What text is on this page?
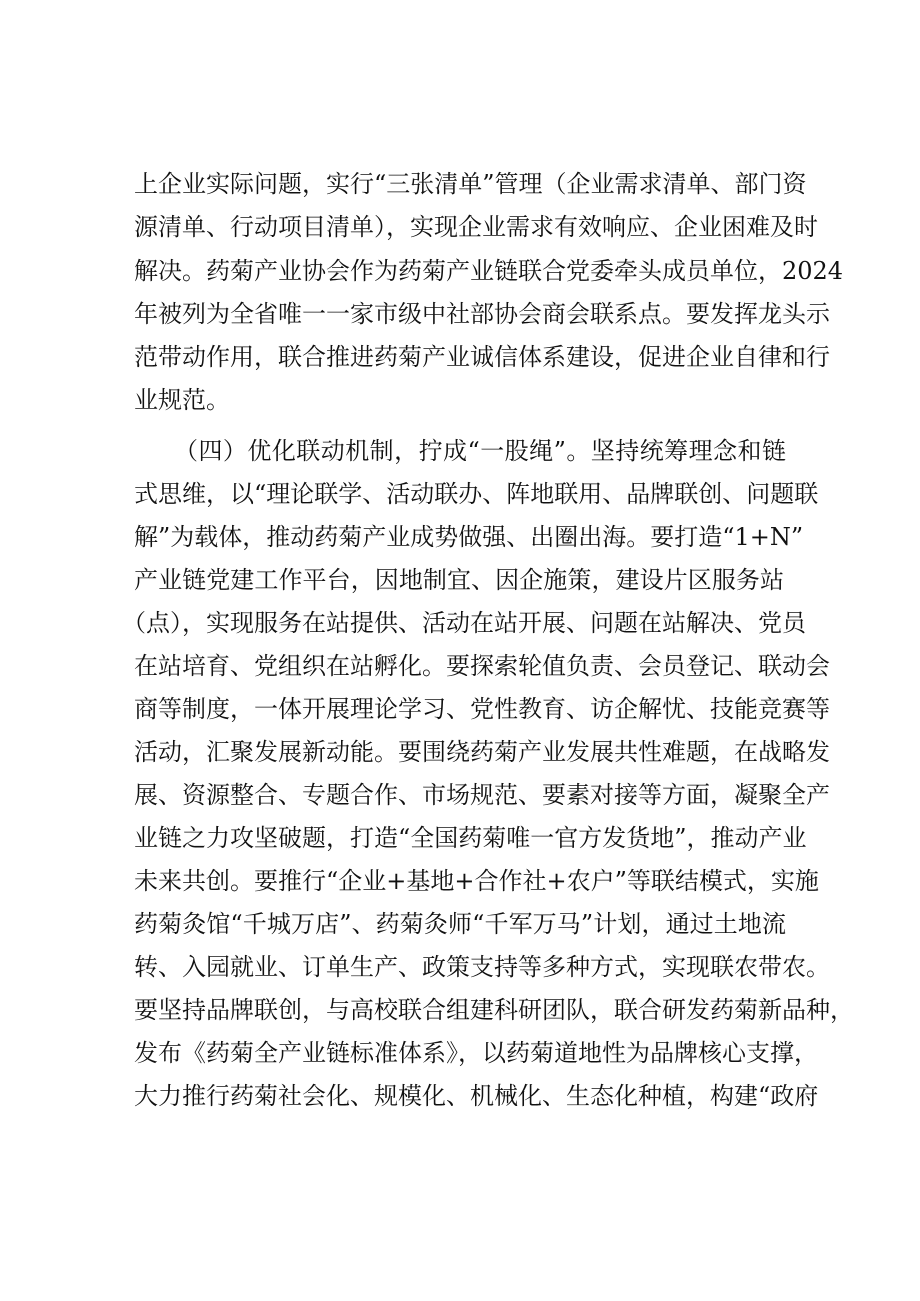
上企业实际问题，实行“三张清单”管理（企业需求清单、部门资
源清单、行动项目清单），实现企业需求有效响应、企业困难及时
解决。药菊产业协会作为药菊产业链联合党委牵头成员单位，2024
年被列为全省唯一一家市级中社部协会商会联系点。要发挥龙头示
范带动作用，联合推进药菊产业诚信体系建设，促进企业自律和行
业规范。
（四）优化联动机制，拧成“一股绳”。坚持统筹理念和链
式思维，以“理论联学、活动联办、阵地联用、品牌联创、问题联
解”为载体，推动药菊产业成势做强、出圈出海。要打造“1+N”
产业链党建工作平台，因地制宜、因企施策，建设片区服务站
（点），实现服务在站提供、活动在站开展、问题在站解决、党员
在站培育、党组织在站孵化。要探索轮值负责、会员登记、联动会
商等制度，一体开展理论学习、党性教育、访企解忧、技能竞赛等
活动，汇聚发展新动能。要围绕药菊产业发展共性难题，在战略发
展、资源整合、专题合作、市场规范、要素对接等方面，凝聚全产
业链之力攻坚破题，打造“全国药菊唯一官方发货地”，推动产业
未来共创。要推行“企业+基地+合作社+农户”等联结模式，实施
药菊灸馆“千城万店”、药菊灸师“千军万马”计划，通过土地流
转、入园就业、订单生产、政策支持等多种方式，实现联农带农。
要坚持品牌联创，与高校联合组建科研团队，联合研发药菊新品种，
发布《药菊全产业链标准体系》，以药菊道地性为品牌核心支撑，
大力推行药菊社会化、规模化、机械化、生态化种植，构建“政府
